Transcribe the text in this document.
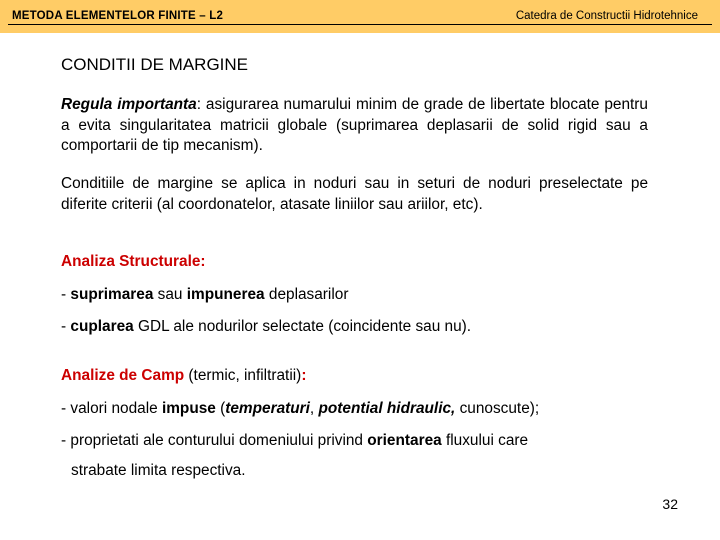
METODA ELEMENTELOR FINITE – L2	Catedra de Constructii Hidrotehnice
CONDITII DE MARGINE
Regula importanta: asigurarea numarului minim de grade de libertate blocate pentru a evita singularitatea matricii globale (suprimarea deplasarii de solid rigid sau a comportarii de tip mecanism).
Conditiile de margine se aplica in noduri sau in seturi de noduri preselectate pe diferite criterii (al coordonatelor, atasate liniilor sau ariilor, etc).
Analiza Structurale:
- suprimarea sau impunerea deplasarilor
- cuplarea GDL ale nodurilor selectate (coincidente sau nu).
Analize de Camp (termic, infiltratii):
- valori nodale impuse (temperaturi, potential hidraulic, cunoscute);
- proprietati ale conturului domeniului privind orientarea fluxului care
strabate limita respectiva.
32
